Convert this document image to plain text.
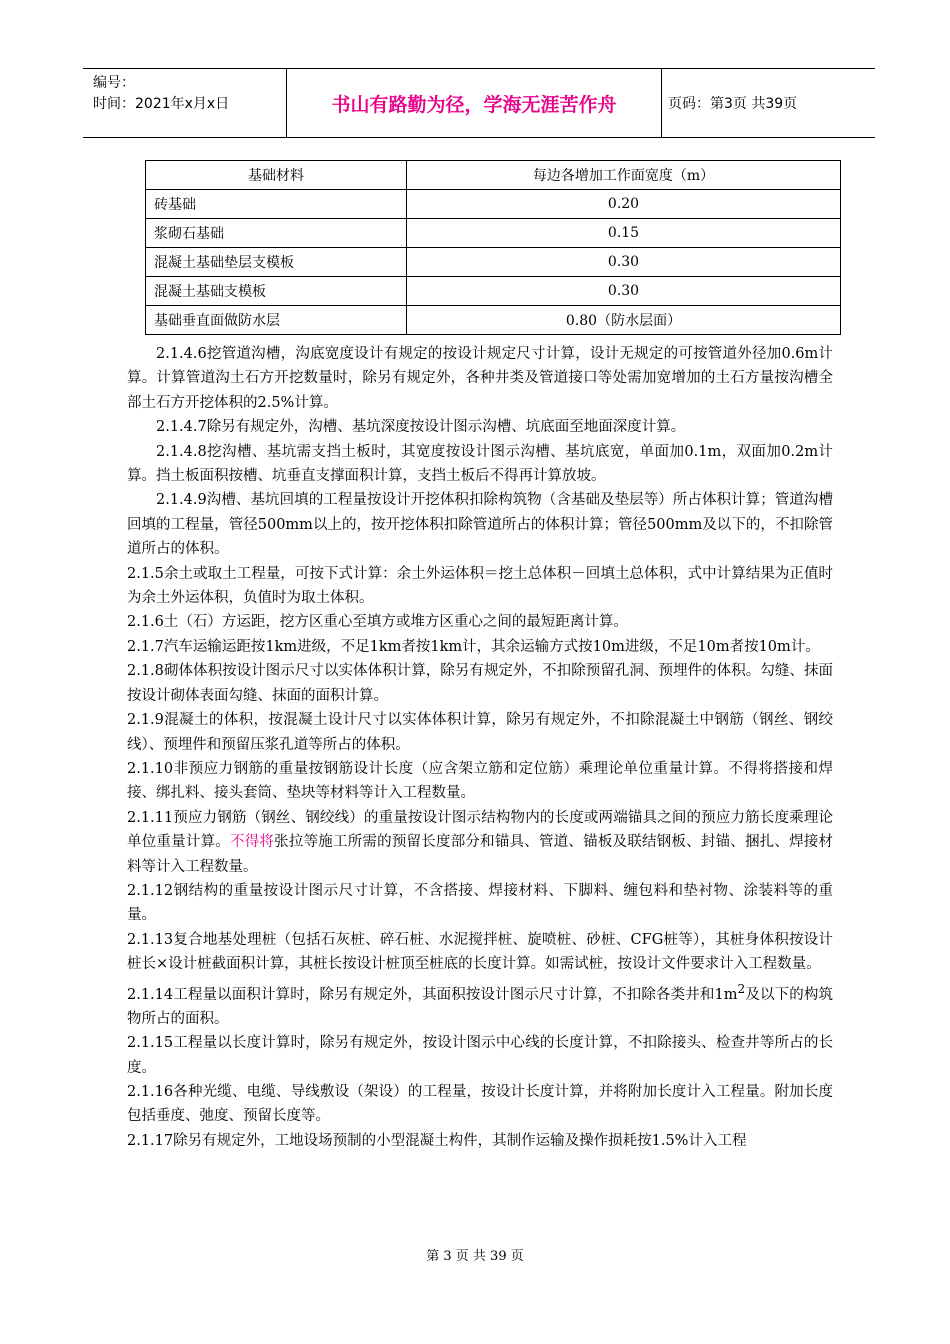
编号：
时间：2021年x月x日	书山有路勤为径，学海无涯苦作舟	页码：第3页 共39页
基础材料	每边各增加工作面宽度（m）
砖基础	0.20
浆砌石基础	0.15
混凝土基础垫层支模板	0.30
混凝土基础支模板	0.30
基础垂直面做防水层	0.80（防水层面）

2.1.4.6挖管道沟槽，沟底宽度设计有规定的按设计规定尺寸计算，设计无规定的可按管道外径加0.6m计算。计算管道沟土石方开挖数量时，除另有规定外，各种井类及管道接口等处需加宽增加的土石方量按沟槽全部土石方开挖体积的2.5%计算。

2.1.4.7除另有规定外，沟槽、基坑深度按设计图示沟槽、坑底面至地面深度计算。

2.1.4.8挖沟槽、基坑需支挡土板时，其宽度按设计图示沟槽、基坑底宽，单面加0.1m，双面加0.2m计算。挡土板面积按槽、坑垂直支撑面积计算，支挡土板后不得再计算放坡。

2.1.4.9沟槽、基坑回填的工程量按设计开挖体积扣除构筑物（含基础及垫层等）所占体积计算；管道沟槽回填的工程量，管径500mm以上的，按开挖体积扣除管道所占的体积计算；管径500mm及以下的，不扣除管道所占的体积。

2.1.5余土或取土工程量，可按下式计算：余土外运体积＝挖土总体积－回填土总体积，式中计算结果为正值时为余土外运体积，负值时为取土体积。

2.1.6土（石）方运距，挖方区重心至填方或堆方区重心之间的最短距离计算。

2.1.7汽车运输运距按1km进级，不足1km者按1km计，其余运输方式按10m进级，不足10m者按10m计。

2.1.8砌体体积按设计图示尺寸以实体体积计算，除另有规定外，不扣除预留孔洞、预埋件的体积。勾缝、抹面按设计砌体表面勾缝、抹面的面积计算。

2.1.9混凝土的体积，按混凝土设计尺寸以实体体积计算，除另有规定外，不扣除混凝土中钢筋（钢丝、钢绞线）、预埋件和预留压浆孔道等所占的体积。

2.1.10非预应力钢筋的重量按钢筋设计长度（应含架立筋和定位筋）乘理论单位重量计算。不得将搭接和焊接、绑扎料、接头套筒、垫块等材料等计入工程数量。

2.1.11预应力钢筋（钢丝、钢绞线）的重量按设计图示结构物内的长度或两端锚具之间的预应力筋长度乘理论单位重量计算。不得将张拉等施工所需的预留长度部分和锚具、管道、锚板及联结钢板、封锚、捆扎、焊接材料等计入工程数量。

2.1.12钢结构的重量按设计图示尺寸计算，不含搭接、焊接材料、下脚料、缠包料和垫衬物、涂装料等的重量。

2.1.13复合地基处理桩（包括石灰桩、碎石桩、水泥搅拌桩、旋喷桩、砂桩、CFG桩等），其桩身体积按设计桩长×设计桩截面积计算，其桩长按设计桩顶至桩底的长度计算。如需试桩，按设计文件要求计入工程数量。

2.1.14工程量以面积计算时，除另有规定外，其面积按设计图示尺寸计算，不扣除各类井和$1m^2$及以下的构筑物所占的面积。

2.1.15工程量以长度计算时，除另有规定外，按设计图示中心线的长度计算，不扣除接头、检查井等所占的长度。

2.1.16各种光缆、电缆、导线敷设（架设）的工程量，按设计长度计算，并将附加长度计入工程量。附加长度包括垂度、弛度、预留长度等。

2.1.17除另有规定外，工地设场预制的小型混凝土构件，其制作运输及操作损耗按1.5%计入工程

第 3 页 共 39 页
